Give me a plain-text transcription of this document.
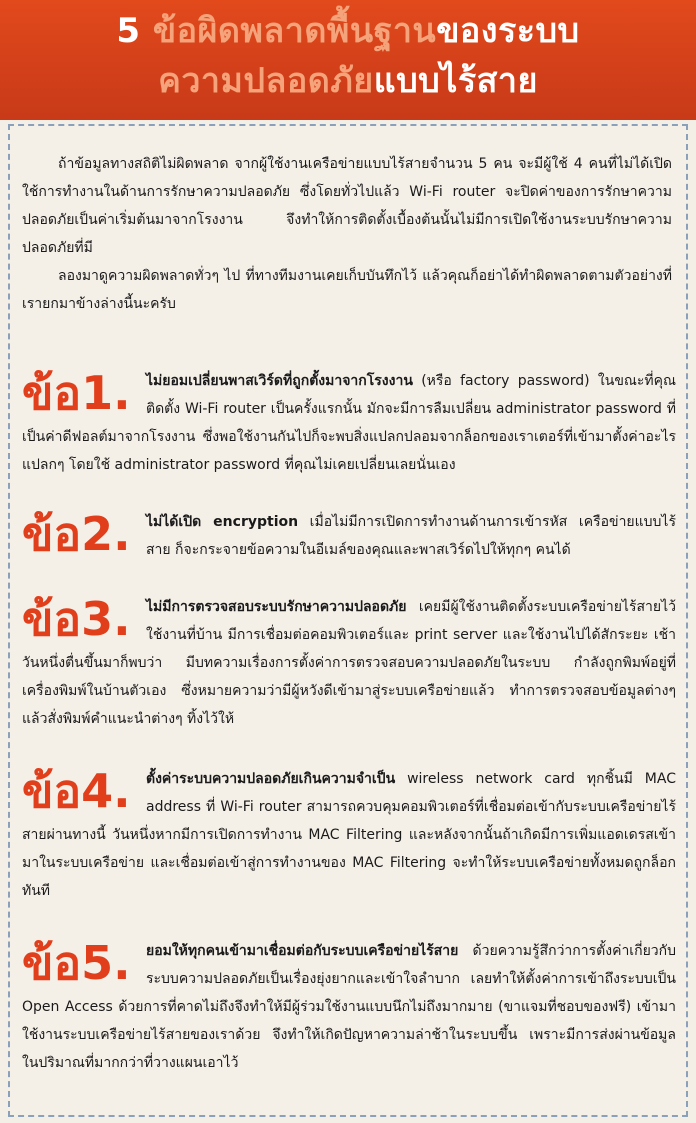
5 ข้อผิดพลาดพื้นฐานของระบบ
ความปลอดภัยแบบไร้สาย

ถ้าข้อมูลทางสถิติไม่ผิดพลาด จากผู้ใช้งานเครือข่ายแบบไร้สายจำนวน 5 คน จะมีผู้ใช้ 4 คนที่ไม่ได้เปิดใช้การทำงานในด้านการรักษาความปลอดภัย ซึ่งโดยทั่วไปแล้ว Wi-Fi router จะปิดค่าของการรักษาความปลอดภัยเป็นค่าเริ่มต้นมาจากโรงงาน จึงทำให้การติดตั้งเบื้องต้นนั้นไม่มีการเปิดใช้งานระบบรักษาความปลอดภัยที่มี

ลองมาดูความผิดพลาดทั่วๆ ไป ที่ทางทีมงานเคยเก็บบันทึกไว้ แล้วคุณก็อย่าได้ทำผิดพลาดตามตัวอย่างที่เรายกมาข้างล่างนี้นะครับ

ข้อ1.	ไม่ยอมเปลี่ยนพาสเวิร์ดที่ถูกตั้งมาจากโรงงาน (หรือ factory password) ในขณะที่คุณติดตั้ง Wi-Fi router เป็นครั้งแรกนั้น มักจะมีการลืมเปลี่ยน administrator password ที่เป็นค่าดีฟอลต์มาจากโรงงาน ซึ่งพอใช้งานกันไปก็จะพบสิ่งแปลกปลอมจากล็อกของเราเตอร์ที่เข้ามาตั้งค่าอะไรแปลกๆ โดยใช้ administrator password ที่คุณไม่เคยเปลี่ยนเลยนั่นเอง

ข้อ2.	ไม่ได้เปิด encryption เมื่อไม่มีการเปิดการทำงานด้านการเข้ารหัส เครือข่ายแบบไร้สาย ก็จะกระจายข้อความในอีเมล์ของคุณและพาสเวิร์ดไปให้ทุกๆ คนได้

ข้อ3.	ไม่มีการตรวจสอบระบบรักษาความปลอดภัย เคยมีผู้ใช้งานติดตั้งระบบเครือข่ายไร้สายไว้ใช้งานที่บ้าน มีการเชื่อมต่อคอมพิวเตอร์และ print server และใช้งานไปได้สักระยะ เช้าวันหนึ่งตื่นขึ้นมาก็พบว่า มีบทความเรื่องการตั้งค่าการตรวจสอบความปลอดภัยในระบบ กำลังถูกพิมพ์อยู่ที่เครื่องพิมพ์ในบ้านตัวเอง ซึ่งหมายความว่ามีผู้หวังดีเข้ามาสู่ระบบเครือข่ายแล้ว ทำการตรวจสอบข้อมูลต่างๆ แล้วสั่งพิมพ์คำแนะนำต่างๆ ทิ้งไว้ให้

ข้อ4.	ตั้งค่าระบบความปลอดภัยเกินความจำเป็น wireless network card ทุกชิ้นมี MAC address ที่ Wi-Fi router สามารถควบคุมคอมพิวเตอร์ที่เชื่อมต่อเข้ากับระบบเครือข่ายไร้สายผ่านทางนี้ วันหนึ่งหากมีการเปิดการทำงาน MAC Filtering และหลังจากนั้นถ้าเกิดมีการเพิ่มแอดเดรสเข้ามาในระบบเครือข่าย และเชื่อมต่อเข้าสู่การทำงานของ MAC Filtering จะทำให้ระบบเครือข่ายทั้งหมดถูกล็อกทันที

ข้อ5.	ยอมให้ทุกคนเข้ามาเชื่อมต่อกับระบบเครือข่ายไร้สาย ด้วยความรู้สึกว่าการตั้งค่าเกี่ยวกับระบบความปลอดภัยเป็นเรื่องยุ่งยากและเข้าใจลำบาก เลยทำให้ตั้งค่าการเข้าถึงระบบเป็น Open Access ด้วยการที่คาดไม่ถึงจึงทำให้มีผู้ร่วมใช้งานแบบนึกไม่ถึงมากมาย (ขาแจมที่ชอบของฟรี) เข้ามาใช้งานระบบเครือข่ายไร้สายของเราด้วย จึงทำให้เกิดปัญหาความล่าช้าในระบบขึ้น เพราะมีการส่งผ่านข้อมูลในปริมาณที่มากกว่าที่วางแผนเอาไว้
